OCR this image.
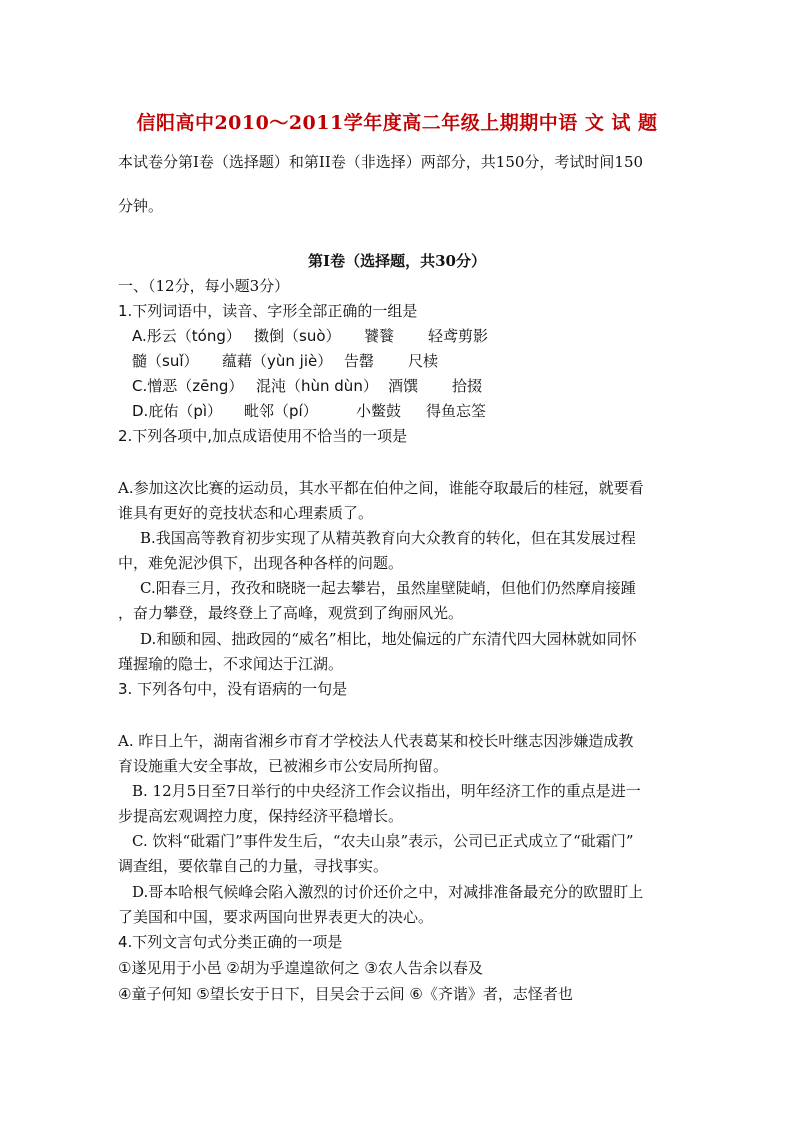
信阳高中2010～2011学年度高二年级上期期中语 文 试 题
本试卷分第I卷（选择题）和第II卷（非选择）两部分，共150分，考试时间150
分钟。
第I卷（选择题，共30分）
一、（12分，每小题3分）
1.下列词语中，读音、字形全部正确的一组是
A.彤云（tóng） 擞倒（suò） 饕餮 轻鸢剪影
髓（suǐ） 蕴藉（yùn jiè） 告罄 尺椟
C.憎恶（zēng） 混沌（hùn dùn） 酒馔 拾掇
D.庇佑（pì） 毗邻（pí）	小鳖鼓 得鱼忘筌
2.下列各项中,加点成语使用不恰当的一项是
A.参加这次比赛的运动员，其水平都在伯仲之间，谁能夺取最后的桂冠，就要看
谁具有更好的竞技状态和心理素质了。
B.我国高等教育初步实现了从精英教育向大众教育的转化，但在其发展过程
中，难免泥沙俱下，出现各种各样的问题。
C.阳春三月，孜孜和晓晓一起去攀岩，虽然崖壁陡峭，但他们仍然摩肩接踵
，奋力攀登，最终登上了高峰，观赏到了绚丽风光。
D.和颐和园、拙政园的“威名”相比，地处偏远的广东清代四大园林就如同怀
瑾握瑜的隐士，不求闻达于江湖。
3. 下列各句中，没有语病的一句是
A. 昨日上午，湖南省湘乡市育才学校法人代表葛某和校长叶继志因涉嫌造成教
育设施重大安全事故，已被湘乡市公安局所拘留。
B. 12月5日至7日举行的中央经济工作会议指出，明年经济工作的重点是进一
步提高宏观调控力度，保持经济平稳增长。
C. 饮料“砒霜门”事件发生后，“农夫山泉”表示，公司已正式成立了“砒霜门”
调查组，要依靠自己的力量，寻找事实。
D.哥本哈根气候峰会陷入激烈的讨价还价之中，对减排准备最充分的欧盟盯上
了美国和中国，要求两国向世界表更大的决心。
4.下列文言句式分类正确的一项是
①遂见用于小邑 ②胡为乎遑遑欲何之 ③农人告余以春及
④童子何知 ⑤望长安于日下，目吴会于云间 ⑥《齐谐》者，志怪者也
